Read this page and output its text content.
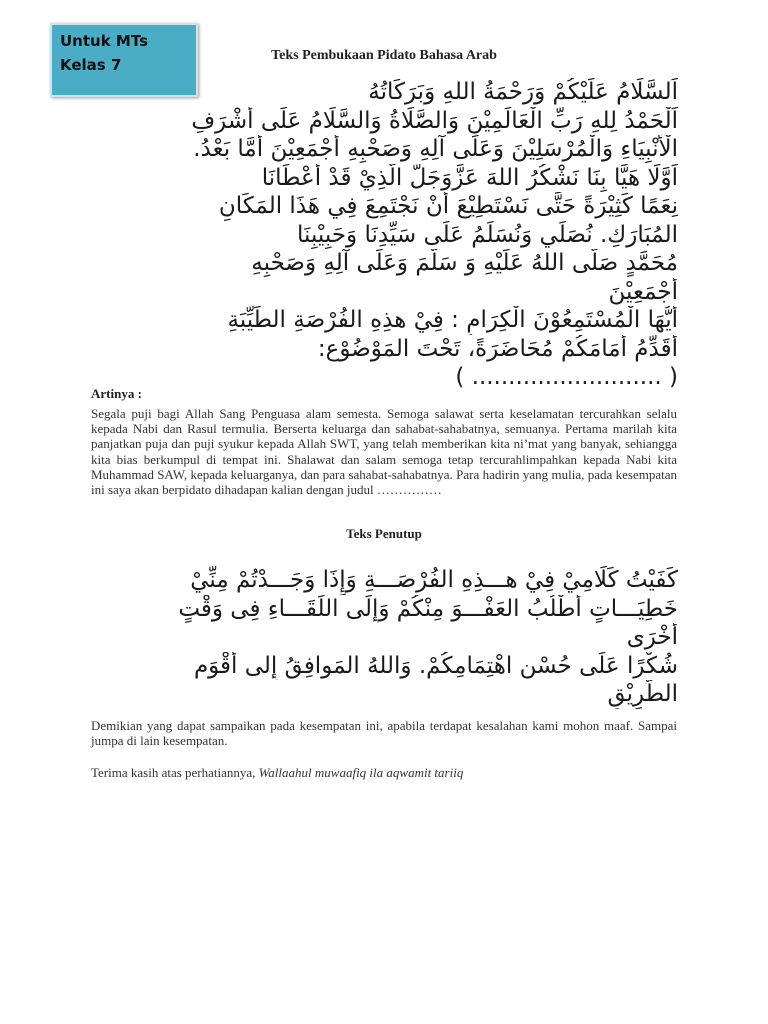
Untuk MTs
Kelas 7
Teks Pembukaan Pidato Bahasa Arab
اَلسَّلَامُ عَلَيْكُمْ وَرَحْمَةُ اللهِ وَبَرَكَاتُهُ
اَلْحَمْدُ لِلهِ رَبِّ الْعَالَمِيْنَ وَالصَّلَاةُ وَالسَّلَامُ عَلَى أَشْرَفِ
الْأَنْبِيَاءِ وَالْمُرْسَلِيْنَ وَعَلَى آلِهِ وَصَحْبِهِ أَجْمَعِيْنَ أَمَّا بَعْدُ.
اَوَّلًا هَيَّا بِنَا نَشْكُرُ اللهَ عَزَّوَجَلَّ الَّذِيْ قَدْ أَعْطَانَا
نِعَمًا كَثِيْرَةً حَتَّى نَسْتَطِيْعَ أَنْ نَجْتَمِعَ فِي هَذَا المَكَانِ
المُبَارَكِ. نُصَلِّي وَنُسَلِّمُ عَلَى سَيِّدِنَا وَحَبِيْبِنَا
مُحَمَّدٍ صَلَّى اللهُ عَلَيْهِ وَ سَلَّمَ وَعَلَى آلِهِ وَصَحْبِهِ
أَجْمَعِيْنَ
أَيُّهَا الْمُسْتَمِعُوْنَ الْكِرَامِ : فِيْ هذِهِ الفُرْصَةِ الطَيِّبَةِ
أُقَدِّمُ أَمَامَكُمْ مُحَاضَرَةً، تَحْتَ المَوْضُوْعِ:
( .......................... )
Artinya :
Segala puji bagi Allah Sang Penguasa alam semesta. Semoga salawat serta keselamatan tercurahkan selalu kepada Nabi dan Rasul termulia. Berserta keluarga dan sahabat-sahabatnya, semuanya. Pertama marilah kita panjatkan puja dan puji syukur kepada Allah SWT, yang telah memberikan kita ni’mat yang banyak, sehiangga kita bias berkumpul di tempat ini. Shalawat dan salam semoga tetap tercurahlimpahkan kepada Nabi kita Muhammad SAW, kepada keluarganya, dan para sahabat-sahabatnya. Para hadirin yang mulia, pada kesempatan ini saya akan berpidato dihadapan kalian dengan judul ……………
Teks Penutup
كَفَيْتُ كَلَامِيْ فِيْ هـــذِهِ الفُرْصَـــةِ وَإِذَا وَجَـــدْتُمْ مِنِّيْ
خَطِيَـــاتٍ أَطْلُبُ العَفْـــوَ مِنْكُمْ وَإِلَى اللِّقَـــاءِ فِى وَقْتٍ
أُخْرَى
شُكْرًا عَلَى حُسْنِ اهْتِمَامِكُمْ. وَاللهُ المَوافِقُ إِلى أَقْوَمِ
الطَّرِيْقِ
Demikian yang dapat sampaikan pada kesempatan ini, apabila terdapat kesalahan kami mohon maaf. Sampai jumpa di lain kesempatan.
Terima kasih atas perhatiannya, Wallaahul muwaafiq ila aqwamit tariiq
